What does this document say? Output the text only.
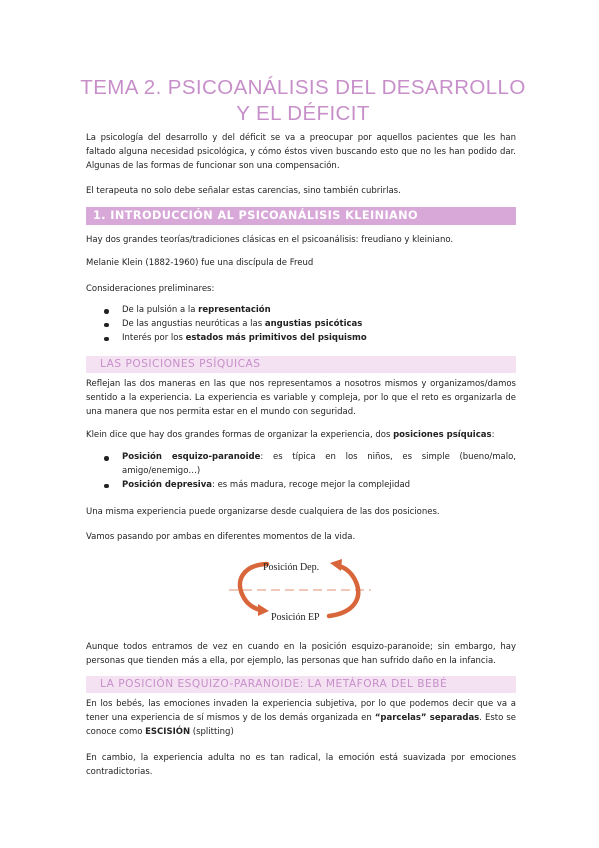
TEMA 2. PSICOANÁLISIS DEL DESARROLLO Y EL DÉFICIT

La psicología del desarrollo y del déficit se va a preocupar por aquellos pacientes que les han faltado alguna necesidad psicológica, y cómo éstos viven buscando esto que no les han podido dar. Algunas de las formas de funcionar son una compensación.

El terapeuta no solo debe señalar estas carencias, sino también cubrirlas.

1. INTRODUCCIÓN AL PSICOANÁLISIS KLEINIANO

Hay dos grandes teorías/tradiciones clásicas en el psicoanálisis: freudiano y kleiniano.

Melanie Klein (1882-1960) fue una discípula de Freud

Consideraciones preliminares:

De la pulsión a la representación
De las angustias neuróticas a las angustias psicóticas
Interés por los estados más primitivos del psiquismo
LAS POSICIONES PSÍQUICAS

Reflejan las dos maneras en las que nos representamos a nosotros mismos y organizamos/damos sentido a la experiencia. La experiencia es variable y compleja, por lo que el reto es organizarla de una manera que nos permita estar en el mundo con seguridad.

Klein dice que hay dos grandes formas de organizar la experiencia, dos posiciones psíquicas:

Posición esquizo-paranoide: es típica en los niños, es simple (bueno/malo, amigo/enemigo…)
Posición depresiva: es más madura, recoge mejor la complejidad

Una misma experiencia puede organizarse desde cualquiera de las dos posiciones.

Vamos pasando por ambas en diferentes momentos de la vida.

Posición Dep.
Posición EP

Aunque todos entramos de vez en cuando en la posición esquizo-paranoide; sin embargo, hay personas que tienden más a ella, por ejemplo, las personas que han sufrido daño en la infancia.

LA POSICIÓN ESQUIZO-PARANOIDE: LA METÁFORA DEL BEBÉ

En los bebés, las emociones invaden la experiencia subjetiva, por lo que podemos decir que va a tener una experiencia de sí mismos y de los demás organizada en “parcelas” separadas. Esto se conoce como ESCISIÓN (splitting)

En cambio, la experiencia adulta no es tan radical, la emoción está suavizada por emociones contradictorias.
